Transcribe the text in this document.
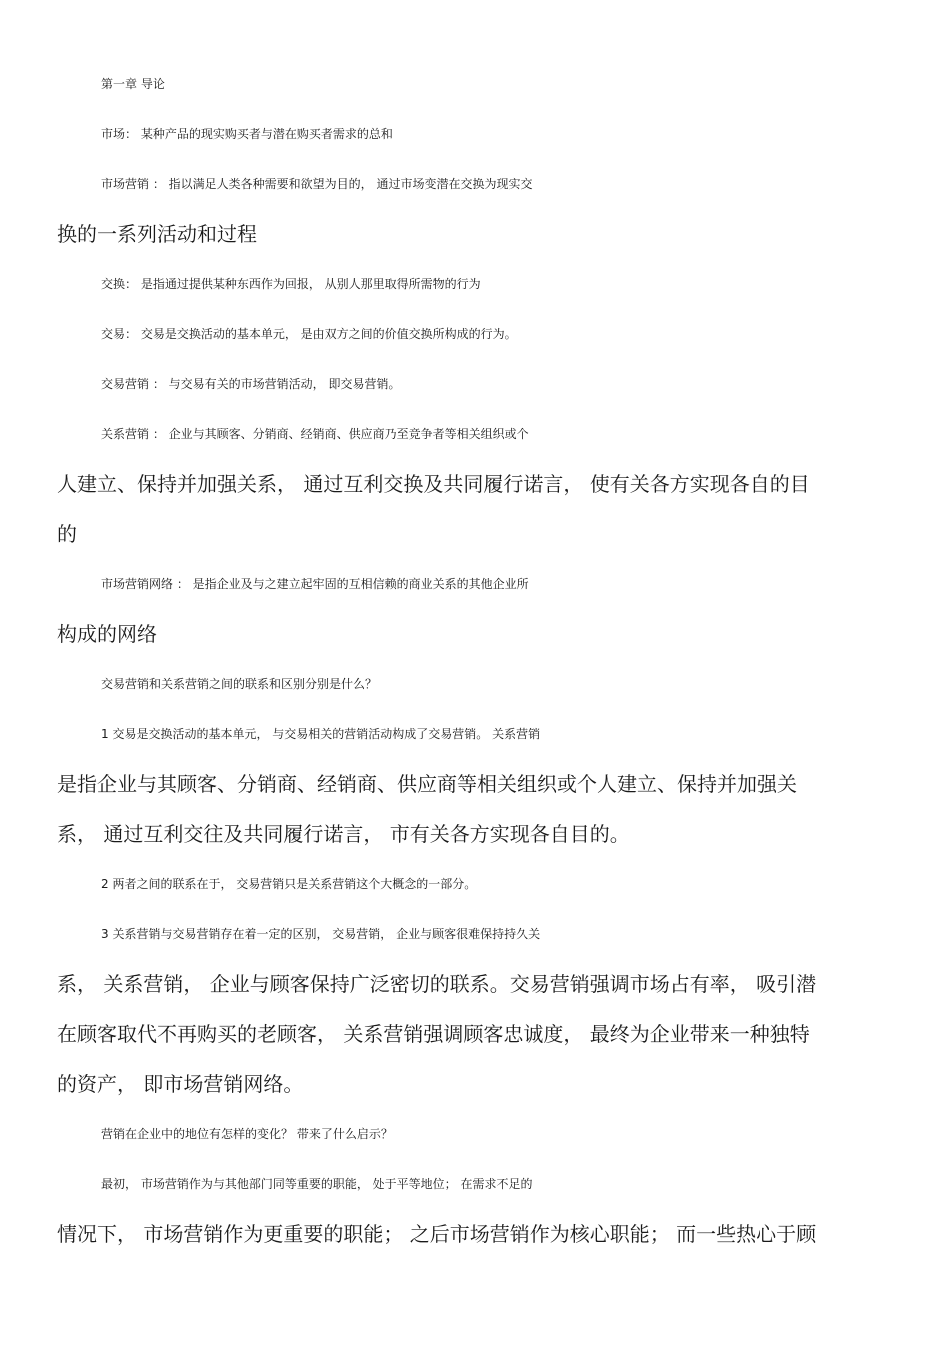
第一章 导论
市场： 某种产品的现实购买者与潜在购买者需求的总和
市场营销 ： 指以满足人类各种需要和欲望为目的， 通过市场变潜在交换为现实交
换的一系列活动和过程
交换： 是指通过提供某种东西作为回报， 从别人那里取得所需物的行为
交易： 交易是交换活动的基本单元， 是由双方之间的价值交换所构成的行为。
交易营销 ： 与交易有关的市场营销活动， 即交易营销。
关系营销 ： 企业与其顾客、分销商、经销商、供应商乃至竞争者等相关组织或个
人建立、保持并加强关系， 通过互利交换及共同履行诺言， 使有关各方实现各自的目
的
市场营销网络 ： 是指企业及与之建立起牢固的互相信赖的商业关系的其他企业所
构成的网络
交易营销和关系营销之间的联系和区别分别是什么？
1 交易是交换活动的基本单元， 与交易相关的营销活动构成了交易营销。 关系营销
是指企业与其顾客、分销商、经销商、供应商等相关组织或个人建立、保持并加强关
系， 通过互利交往及共同履行诺言， 市有关各方实现各自目的。
2 两者之间的联系在于， 交易营销只是关系营销这个大概念的一部分。
3 关系营销与交易营销存在着一定的区别， 交易营销， 企业与顾客很难保持持久关
系， 关系营销， 企业与顾客保持广泛密切的联系。交易营销强调市场占有率， 吸引潜
在顾客取代不再购买的老顾客， 关系营销强调顾客忠诚度， 最终为企业带来一种独特
的资产， 即市场营销网络。
营销在企业中的地位有怎样的变化？ 带来了什么启示？
最初， 市场营销作为与其他部门同等重要的职能， 处于平等地位； 在需求不足的
情况下， 市场营销作为更重要的职能； 之后市场营销作为核心职能； 而一些热心于顾
